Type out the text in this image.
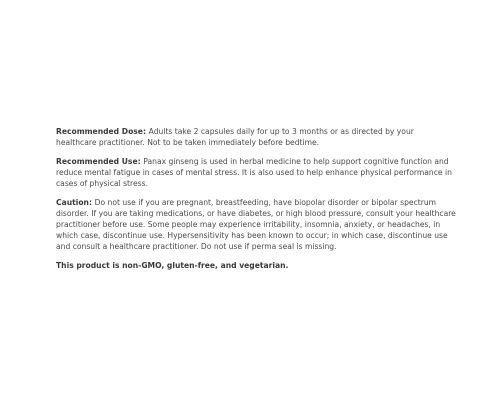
Recommended Dose: Adults take 2 capsules daily for up to 3 months or as directed by your healthcare practitioner. Not to be taken immediately before bedtime.

Recommended Use: Panax ginseng is used in herbal medicine to help support cognitive function and reduce mental fatigue in cases of mental stress. It is also used to help enhance physical performance in cases of physical stress.

Caution: Do not use if you are pregnant, breastfeeding, have biopolar disorder or bipolar spectrum disorder. If you are taking medications, or have diabetes, or high blood pressure, consult your healthcare practitioner before use. Some people may experience irritability, insomnia, anxiety, or headaches, in which case, discontinue use. Hypersensitivity has been known to occur; in which case, discontinue use and consult a healthcare practitioner. Do not use if perma seal is missing.

This product is non-GMO, gluten-free, and vegetarian.
